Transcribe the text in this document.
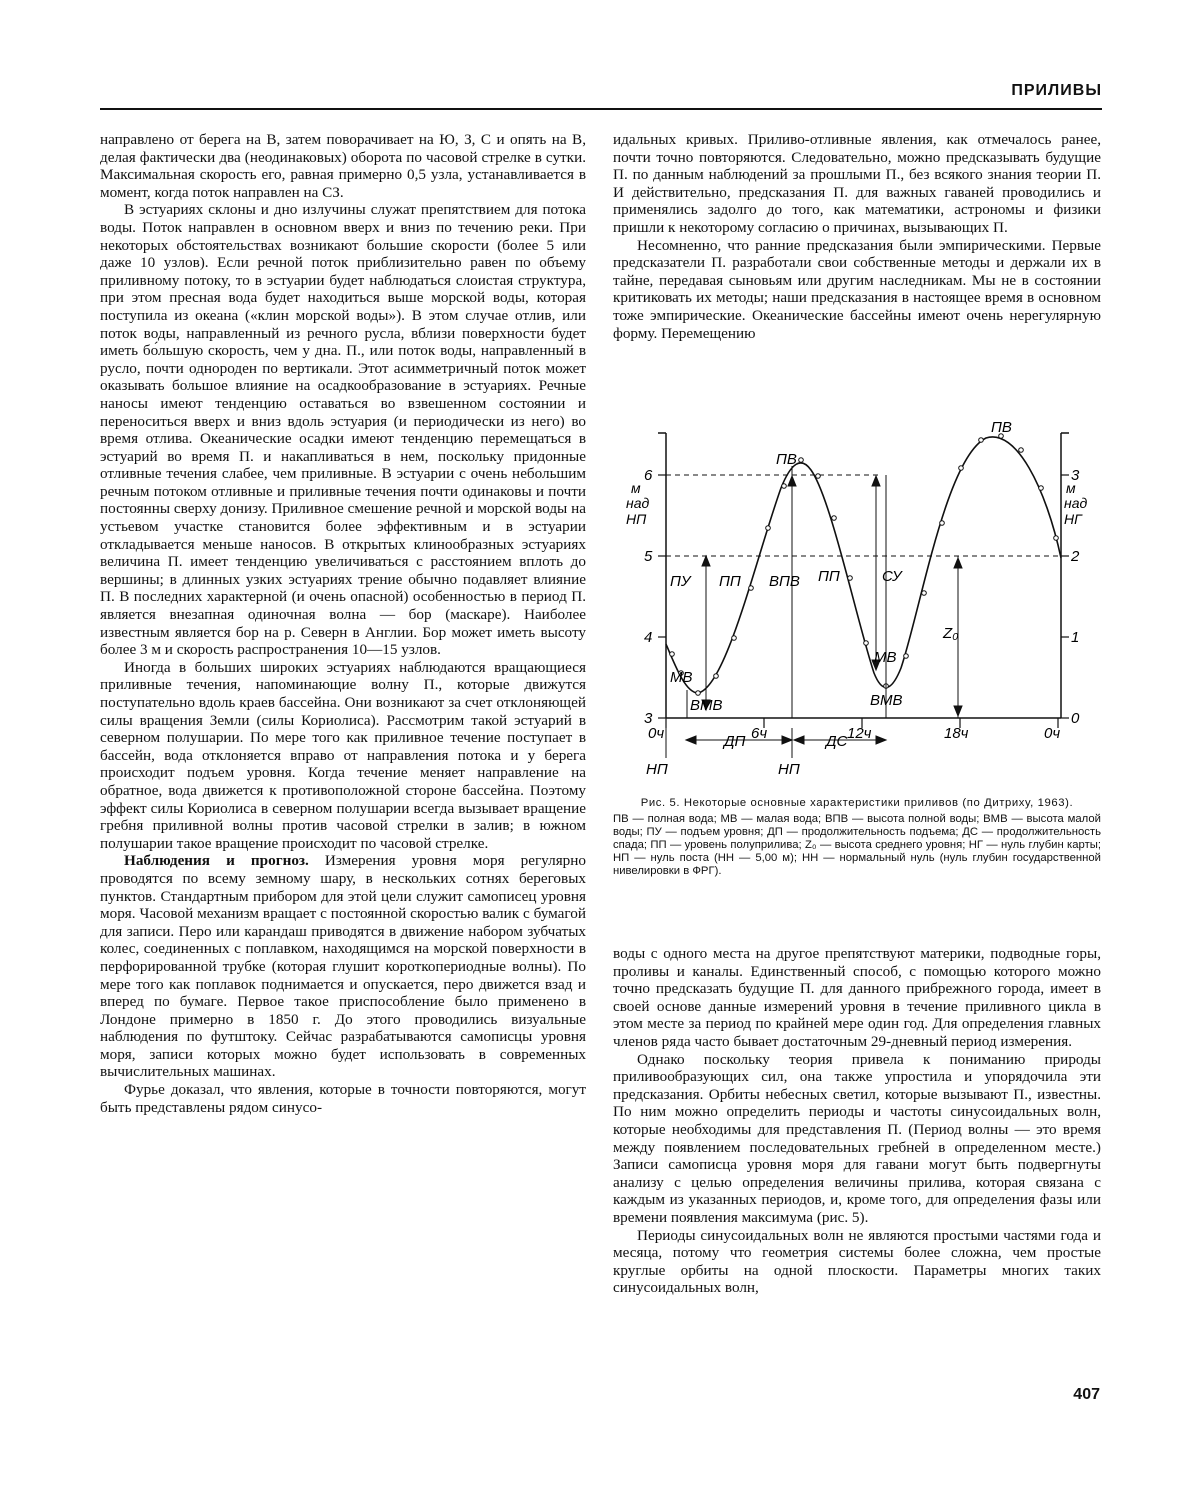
ПРИЛИВЫ

направлено от берега на В, затем поворачивает на Ю, З, С и опять на В, делая фактически два (неодинаковых) оборота по часовой стрелке в сутки. Максимальная скорость его, равная примерно 0,5 узла, устанавливается в момент, когда поток направлен на СЗ.

В эстуариях склоны и дно излучины служат препятствием для потока воды. Поток направлен в основном вверх и вниз по течению реки. При некоторых обстоятельствах возникают большие скорости (более 5 или даже 10 узлов). Если речной поток приблизительно равен по объему приливному потоку, то в эстуарии будет наблюдаться слоистая структура, при этом пресная вода будет находиться выше морской воды, которая поступила из океана («клин морской воды»). В этом случае отлив, или поток воды, направленный из речного русла, вблизи поверхности будет иметь бо́льшую скорость, чем у дна. П., или поток воды, направленный в русло, почти однороден по вертикали. Этот асимметричный поток может оказывать большое влияние на осадкообразование в эстуариях. Речные наносы имеют тенденцию оставаться во взвешенном состоянии и переноситься вверх и вниз вдоль эстуария (и периодически из него) во время отлива. Океанические осадки имеют тенденцию перемещаться в эстуарий во время П. и накапливаться в нем, поскольку придонные отливные течения слабее, чем приливные. В эстуарии с очень небольшим речным потоком отливные и приливные течения почти одинаковы и почти постоянны сверху донизу. Приливное смешение речной и морской воды на устьевом участке становится более эффективным и в эстуарии откладывается меньше наносов. В открытых клинообразных эстуариях величина П. имеет тенденцию увеличиваться с расстоянием вплоть до вершины; в длинных узких эстуариях трение обычно подавляет влияние П. В последних характерной (и очень опасной) особенностью в период П. является внезапная одиночная волна — бор (маскаре). Наиболее известным является бор на р. Северн в Англии. Бор может иметь высоту более 3 м и скорость распространения 10—15 узлов.

Иногда в больших широких эстуариях наблюдаются вращающиеся приливные течения, напоминающие волну П., которые движутся поступательно вдоль краев бассейна. Они возникают за счет отклоняющей силы вращения Земли (силы Кориолиса). Рассмотрим такой эстуарий в северном полушарии. По мере того как приливное течение поступает в бассейн, вода отклоняется вправо от направления потока и у берега происходит подъем уровня. Когда течение меняет направление на обратное, вода движется к противоположной стороне бассейна. Поэтому эффект силы Кориолиса в северном полушарии всегда вызывает вращение гребня приливной волны против часовой стрелки в залив; в южном полушарии такое вращение происходит по часовой стрелке.

Наблюдения и прогноз. Измерения уровня моря регулярно проводятся по всему земному шару, в нескольких сотнях береговых пунктов. Стандартным прибором для этой цели служит самописец уровня моря. Часовой механизм вращает с постоянной скоростью валик с бумагой для записи. Перо или карандаш приводятся в движение набором зубчатых колес, соединенных с поплавком, находящимся на морской поверхности в перфорированной трубке (которая глушит короткопериодные волны). По мере того как поплавок поднимается и опускается, перо движется взад и вперед по бумаге. Первое такое приспособление было применено в Лондоне примерно в 1850 г. До этого проводились визуальные наблюдения по футштоку. Сейчас разрабатываются самописцы уровня моря, записи которых можно будет использовать в современных вычислительных машинах.

Фурье доказал, что явления, которые в точности повторяются, могут быть представлены рядом синусо-

идальных кривых. Приливо-отливные явления, как отмечалось ранее, почти точно повторяются. Следовательно, можно предсказывать будущие П. по данным наблюдений за прошлыми П., без всякого знания теории П. И действительно, предсказания П. для важных гаваней проводились и применялись задолго до того, как математики, астрономы и физики пришли к некоторому согласию о причинах, вызывающих П.

Несомненно, что ранние предсказания были эмпирическими. Первые предсказатели П. разработали свои собственные методы и держали их в тайне, передавая сыновьям или другим наследникам. Мы не в состоянии критиковать их методы; наши предсказания в настоящее время в основном тоже эмпирические. Океанические бассейны имеют очень нерегулярную форму. Перемещению

6
5
4
3
3
2
1
0
0ч	6ч	12ч	18ч	0ч
м
над
НП
м
над
НГ
ПВ
ПВ
ПУ ПП ВПВ ПП	СУ
Z₀
МВ
МВ
ВМВ	ВМВ
ДП	ДС
НП	НП
Рис. 5. Некоторые основные характеристики приливов (по Дитриху, 1963).
ПВ — полная вода; МВ — малая вода; ВПВ — высота полной воды; ВМВ — высота малой воды; ПУ — подъем уровня; ДП — продолжительность подъема; ДС — продолжительность спада; ПП — уровень полуприлива; Z₀ — высота среднего уровня; НГ — нуль глубин карты; НП — нуль поста (НН — 5,00 м); НН — нормальный нуль (нуль глубин государственной нивелировки в ФРГ).

воды с одного места на другое препятствуют материки, подводные горы, проливы и каналы. Единственный способ, с помощью которого можно точно предсказать будущие П. для данного прибрежного города, имеет в своей основе данные измерений уровня в течение приливного цикла в этом месте за период по крайней мере один год. Для определения главных членов ряда часто бывает достаточным 29-дневный период измерения.

Однако поскольку теория привела к пониманию природы приливообразующих сил, она также упростила и упорядочила эти предсказания. Орбиты небесных светил, которые вызывают П., известны. По ним можно определить периоды и частоты синусоидальных волн, которые необходимы для представления П. (Период волны — это время между появлением последовательных гребней в определенном месте.) Записи самописца уровня моря для гавани могут быть подвергнуты анализу с целью определения величины прилива, которая связана с каждым из указанных периодов, и, кроме того, для определения фазы или времени появления максимума (рис. 5).

Периоды синусоидальных волн не являются простыми частями года и месяца, потому что геометрия системы более сложна, чем простые круглые орбиты на одной плоскости. Параметры многих таких синусоидальных волн,

407
